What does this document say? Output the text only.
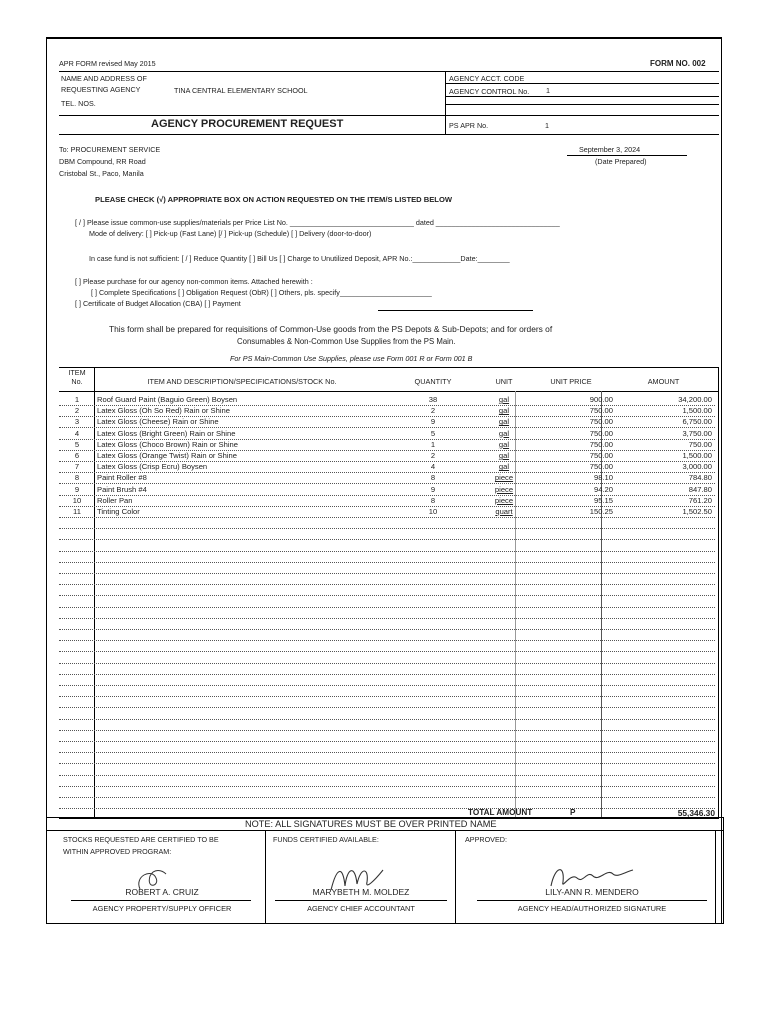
APR FORM revised May 2015	FORM NO. 002
NAME AND ADDRESS OF
REQUESTING AGENCY	TINA CENTRAL ELEMENTARY SCHOOL
TEL. NOS.
AGENCY ACCT. CODE
AGENCY CONTROL No. 1
AGENCY PROCUREMENT REQUEST	PS APR No.	1
To: PROCUREMENT SERVICE
DBM Compound, RR Road
Cristobal St., Paco, Manila
September 3, 2024
(Date Prepared)
PLEASE CHECK (√) APPROPRIATE BOX ON ACTION REQUESTED ON THE ITEM/S LISTED BELOW
[ / ] Please issue common-use supplies/materials per Price List No. _______________________________ dated _______________________________
Mode of delivery: [ ] Pick-up (Fast Lane) [/ ] Pick-up (Schedule) [ ] Delivery (door-to-door)
In case fund is not sufficient: [ / ] Reduce Quantity [ ] Bill Us [ ] Charge to Unutilized Deposit, APR No.:____________Date:________
[ ] Please purchase for our agency non-common items. Attached herewith :
[ ] Complete Specifications [ ] Obligation Request (ObR) [ ] Others, pls. specify_______________________
[ ] Certificate of Budget Allocation (CBA) [ ] Payment
This form shall be prepared for requisitions of Common-Use goods from the PS Depots & Sub-Depots; and for orders of
Consumables & Non-Common Use Supplies from the PS Main.
For PS Main-Common Use Supplies, please use Form 001 R or Form 001 B
ITEM
No.	ITEM AND DESCRIPTION/SPECIFICATIONS/STOCK No.	QUANTITY	UNIT	UNIT PRICE	AMOUNT
1	Roof Guard Paint (Baguio Green) Boysen	38	gal	900.00	34,200.00
2	Latex Gloss (Oh So Red) Rain or Shine	2	gal	750.00	1,500.00
3	Latex Gloss (Cheese) Rain or Shine	9	gal	750.00	6,750.00
4	Latex Gloss (Bright Green) Rain or Shine	5	gal	750.00	3,750.00
5	Latex Gloss (Choco Brown) Rain or Shine	1	gal	750.00	750.00
6	Latex Gloss (Orange Twist) Rain or Shine	2	gal	750.00	1,500.00
7	Latex Gloss (Crisp Ecru) Boysen	4	gal	750.00	3,000.00
8	Paint Roller #8	8	piece	98.10	784.80
9	Paint Brush #4	9	piece	94.20	847.80
10	Roller Pan	8	piece	95.15	761.20
11	Tinting Color	10	quart	150.25	1,502.50
TOTAL AMOUNT	P	55,346.30
NOTE: ALL SIGNATURES MUST BE OVER PRINTED NAME
STOCKS REQUESTED ARE CERTIFIED TO BE
WITHIN APPROVED PROGRAM:
FUNDS CERTIFIED AVAILABLE:	APPROVED:
ROBERT A. CRUIZ	MARYBETH M. MOLDEZ	LILY-ANN R. MENDERO
AGENCY PROPERTY/SUPPLY OFFICER	AGENCY CHIEF ACCOUNTANT	AGENCY HEAD/AUTHORIZED SIGNATURE
